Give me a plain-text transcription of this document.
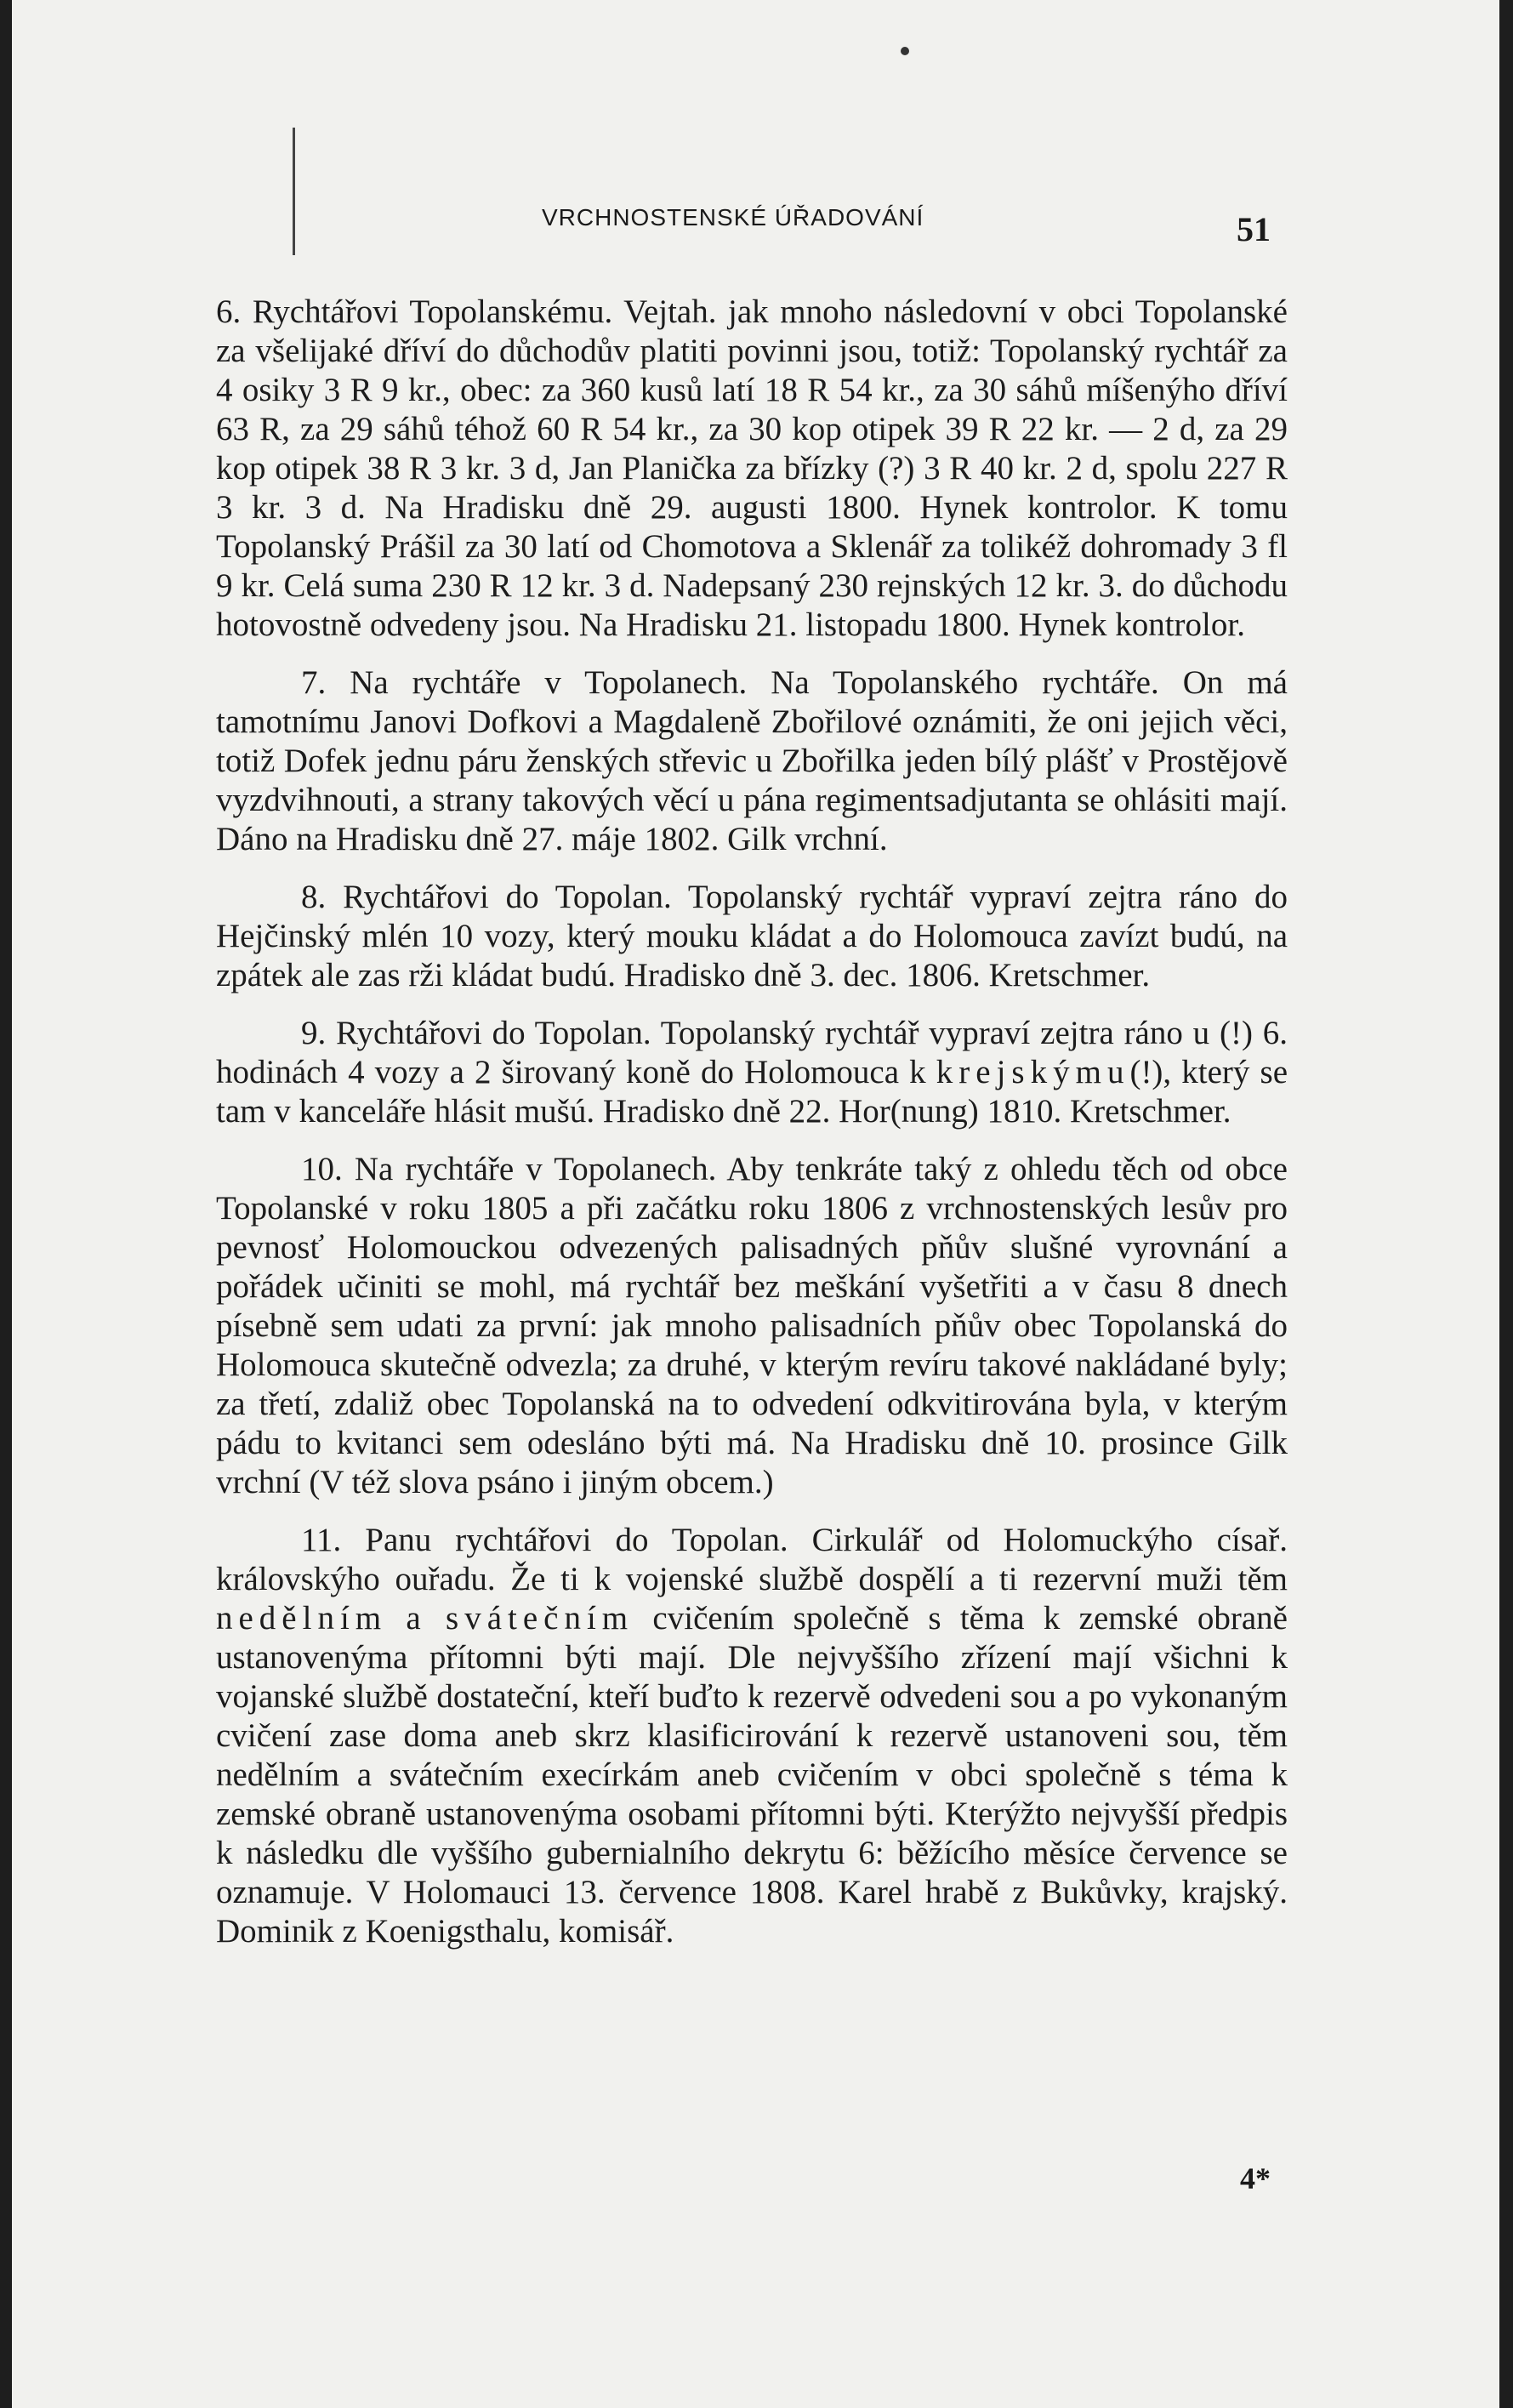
VRCHNOSTENSKÉ ÚŘADOVÁNÍ	51

6. Rychtářovi Topolanskému. Vejtah. jak mnoho následovní v obci Topolanské za všelijaké dříví do důchodův platiti povinni jsou, totiž: Topolanský rychtář za 4 osiky 3 R 9 kr., obec: za 360 kusů latí 18 R 54 kr., za 30 sáhů míšenýho dříví 63 R, za 29 sáhů téhož 60 R 54 kr., za 30 kop otipek 39 R 22 kr. — 2 d, za 29 kop otipek 38 R 3 kr. 3 d, Jan Planička za břízky (?) 3 R 40 kr. 2 d, spolu 227 R 3 kr. 3 d. Na Hradisku dně 29. augusti 1800. Hynek kontrolor. K tomu Topolanský Prášil za 30 latí od Chomotova a Sklenář za tolikéž dohromady 3 fl 9 kr. Celá suma 230 R 12 kr. 3 d. Nadepsaný 230 rejnských 12 kr. 3. do důchodu hotovostně odvedeny jsou. Na Hradisku 21. listopadu 1800. Hynek kontrolor.

7. Na rychtáře v Topolanech. Na Topolanského rychtáře. On má tamotnímu Janovi Dofkovi a Magdaleně Zbořilové oznámiti, že oni jejich věci, totiž Dofek jednu páru ženských střevic u Zbořilka jeden bílý plášť v Prostějově vyzdvihnouti, a strany takových věcí u pána regimentsadjutanta se ohlásiti mají. Dáno na Hradisku dně 27. máje 1802. Gilk vrchní.

8. Rychtářovi do Topolan. Topolanský rychtář vypraví zejtra ráno do Hejčinský mlén 10 vozy, který mouku kládat a do Holomouca zavízt budú, na zpátek ale zas rži kládat budú. Hradisko dně 3. dec. 1806. Kretschmer.

9. Rychtářovi do Topolan. Topolanský rychtář vypraví zejtra ráno u (!) 6. hodinách 4 vozy a 2 širovaný koně do Holomouca k krejskýmu(!), který se tam v kanceláře hlásit mušú. Hradisko dně 22. Hor(nung) 1810. Kretschmer.

10. Na rychtáře v Topolanech. Aby tenkráte taký z ohledu těch od obce Topolanské v roku 1805 a při začátku roku 1806 z vrchnostenských lesův pro pevnosť Holomouckou odvezených palisadných pňův slušné vyrovnání a pořádek učiniti se mohl, má rychtář bez meškání vyšetřiti a v času 8 dnech písebně sem udati za první: jak mnoho palisadních pňův obec Topolanská do Holomouca skutečně odvezla; za druhé, v kterým revíru takové nakládané byly; za třetí, zdaliž obec Topolanská na to odvedení odkvitirována byla, v kterým pádu to kvitanci sem odesláno býti má. Na Hradisku dně 10. prosince Gilk vrchní (V též slova psáno i jiným obcem.)

11. Panu rychtářovi do Topolan. Cirkulář od Holomuckýho císař. královskýho ouřadu. Že ti k vojenské službě dospělí a ti rezervní muži těm nedělním a svátečním cvičením společně s těma k zemské obraně ustanovenýma přítomni býti mají. Dle nejvyššího zřízení mají všichni k vojanské službě dostateční, kteří buďto k rezervě odvedeni sou a po vykonaným cvičení zase doma aneb skrz klasificirování k rezervě ustanoveni sou, těm nedělním a svátečním execírkám aneb cvičením v obci společně s téma k zemské obraně ustanovenýma osobami přítomni býti. Kterýžto nejvyšší předpis k následku dle vyššího gubernialního dekrytu 6: běžícího měsíce července se oznamuje. V Holomauci 13. července 1808. Karel hrabě z Bukůvky, krajský. Dominik z Koenigsthalu, komisář.

4*
